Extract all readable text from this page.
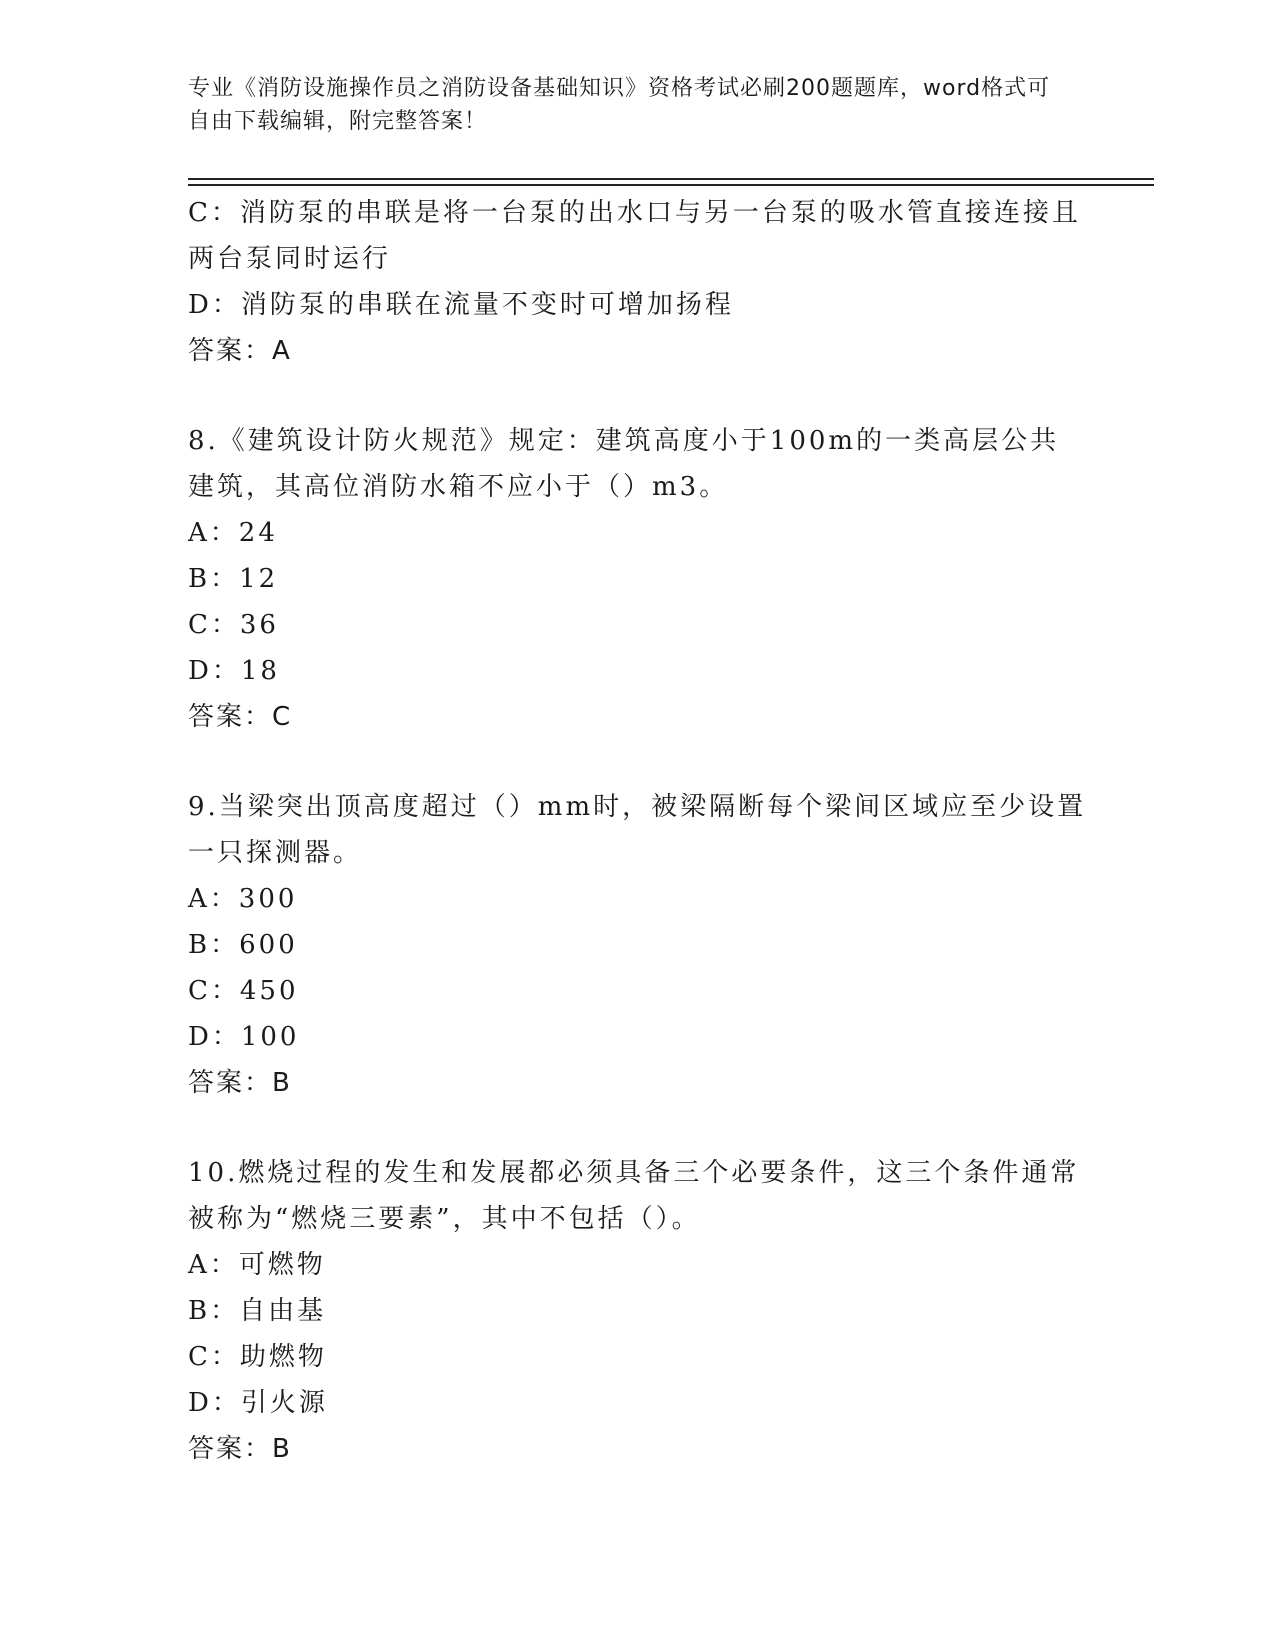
专业《消防设施操作员之消防设备基础知识》资格考试必刷200题题库，word格式可自由下载编辑，附完整答案！

C：消防泵的串联是将一台泵的出水口与另一台泵的吸水管直接连接且两台泵同时运行

D：消防泵的串联在流量不变时可增加扬程

答案：A

8.《建筑设计防火规范》规定：建筑高度小于100m的一类高层公共建筑，其高位消防水箱不应小于（）m3。

A：24

B：12

C：36

D：18

答案：C

9.当梁突出顶高度超过（）mm时，被梁隔断每个梁间区域应至少设置一只探测器。

A：300

B：600

C：450

D：100

答案：B

10.燃烧过程的发生和发展都必须具备三个必要条件，这三个条件通常被称为“燃烧三要素”，其中不包括（）。

A：可燃物

B：自由基

C：助燃物

D：引火源

答案：B
